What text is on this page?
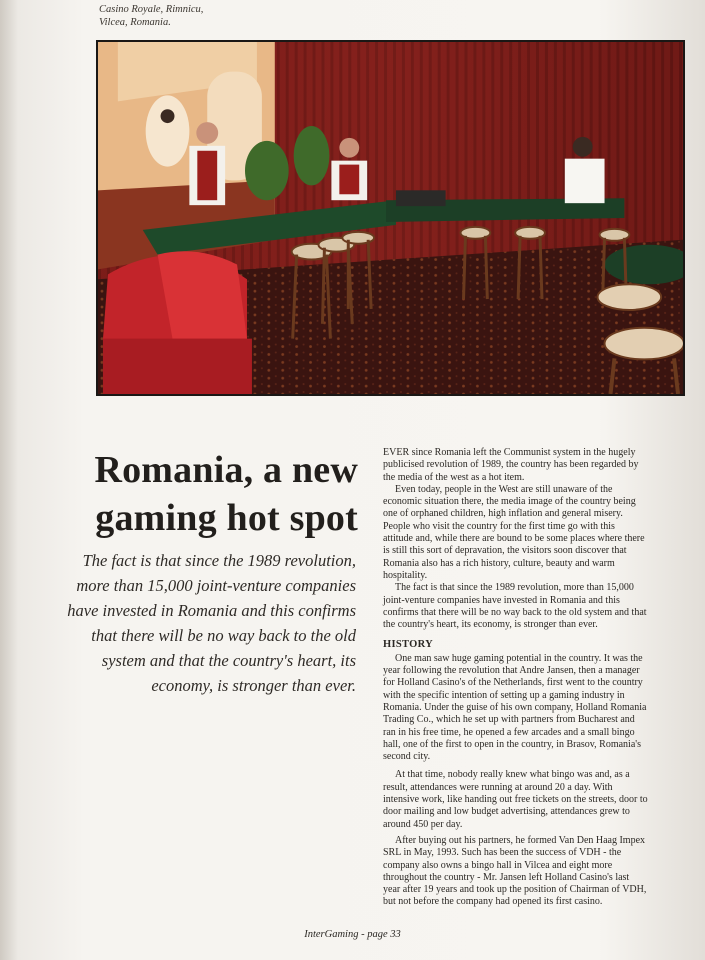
Casino Royale, Rimnicu,
Vilcea, Romania.
Romania, a new
gaming hot spot
The fact is that since the 1989 revolution,
more than 15,000 joint-venture companies
have invested in Romania and this confirms
that there will be no way back to the old
system and that the country's heart, its
economy, is stronger than ever.
EVER since Romania left the Communist system in the hugely
publicised revolution of 1989, the country has been regarded by
the media of the west as a hot item.
Even today, people in the West are still unaware of the
economic situation there, the media image of the country being
one of orphaned children, high inflation and general misery.
People who visit the country for the first time go with this
attitude and, while there are bound to be some places where there
is still this sort of depravation, the visitors soon discover that
Romania also has a rich history, culture, beauty and warm
hospitality.
The fact is that since the 1989 revolution, more than 15,000
joint-venture companies have invested in Romania and this
confirms that there will be no way back to the old system and that
the country's heart, its economy, is stronger than ever.
HISTORY
One man saw huge gaming potential in the country. It was the
year following the revolution that Andre Jansen, then a manager
for Holland Casino's of the Netherlands, first went to the country
with the specific intention of setting up a gaming industry in
Romania. Under the guise of his own company, Holland Romania
Trading Co., which he set up with partners from Bucharest and
ran in his free time, he opened a few arcades and a small bingo
hall, one of the first to open in the country, in Brasov, Romania's
second city.
At that time, nobody really knew what bingo was and, as a
result, attendances were running at around 20 a day. With
intensive work, like handing out free tickets on the streets, door to
door mailing and low budget advertising, attendances grew to
around 450 per day.
After buying out his partners, he formed Van Den Haag Impex
SRL in May, 1993. Such has been the success of VDH - the
company also owns a bingo hall in Vilcea and eight more
throughout the country - Mr. Jansen left Holland Casino's last
year after 19 years and took up the position of Chairman of VDH,
but not before the company had opened its first casino.
InterGaming - page 33
